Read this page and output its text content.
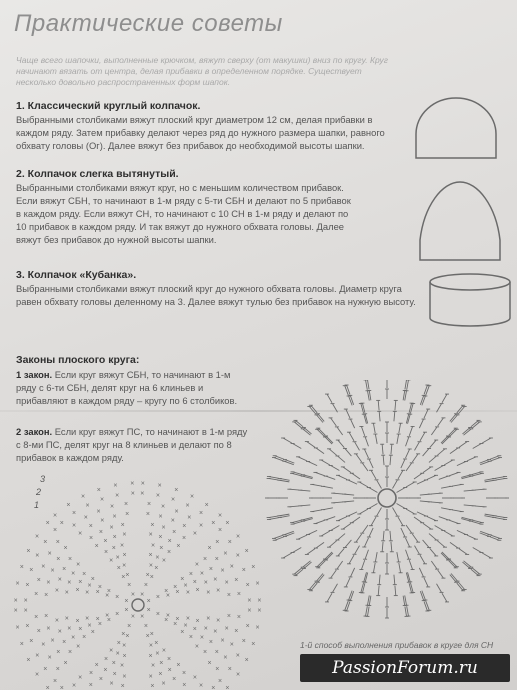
Практические советы
Чаще всего шапочки, выполненные крючком, вяжут сверху (от макушки) вниз по кругу. Круг начинают вязать от центра, делая прибавки в определенном порядке. Существует несколько довольно распространенных форм шапок.
1. Классический круглый колпачок.
Выбранными столбиками вяжут плоский круг диаметром 12 см, делая прибавки в каждом ряду. Затем прибавку делают через ряд до нужного размера шапки, равного обхвату головы (Ог). Далее вяжут без прибавок до необходимой высоты шапки.
2. Колпачок слегка вытянутый.
Выбранными столбиками вяжут круг, но с меньшим количеством прибавок. Если вяжут СБН, то начинают в 1-м ряду с 5-ти СБН и делают по 5 прибавок в каждом ряду. Если вяжут СН, то начинают с 10 СН в 1-м ряду и делают по 10 прибавок в каждом ряду. И так вяжут до нужного обхвата головы. Далее вяжут без прибавок до нужной высоты шапки.
3. Колпачок «Кубанка».
Выбранными столбиками вяжут плоский круг до нужного обхвата головы. Диаметр круга равен обхвату головы деленному на 3. Далее вяжут тулью без прибавок на нужную высоту.
Законы плоского круга:
1 закон. Если круг вяжут СБН, то начинают в 1-м ряду с 6-ти СБН, делят круг на 6 клиньев и прибавляют в каждом ряду – кругу по 6 столбиков.
2 закон. Если круг вяжут ПС, то начинают в 1-м ряду с 8-ми ПС, делят круг на 8 клиньев и делают по 8 прибавок в каждом ряду.
×
×
× ×
× ×
× × ×
× ×
×
× ×
×
×
× ×
×
×
× ×
×
×
×
× ×
×
×
×
× ×
×
×
×
×
× ×
×
×
×
×
×
×
×
×
×
×
×
×
×
×
×
×
×
×
×
×
×
×
×
×
×
×
×
×
×
×
×
×
×
×
×
×
×
×
×
×
×
×
×
×
×
×
×
× ×
× ×
×
×
×
×
×
×
×
×
×
×
×
×
×
×
×
×
×
×
×
×
×
×
×
×
×
×
×
×
×
×
×
×
×
×
×
×
×
×
×
×
×
×
×
×
×
× ×
×
×	×
×
×
×	×
×
×
×
×
× × ×
×
×
×
×
×
×
×
×
×
×
×
×
×
×
×
×
×
×
×
×
×
×
×
×
×
×
×
×
×
×
×
×
×
×
×
×
×
×
×
×
×
×
×
×
×
×
×
×
×
×
×
×
×
×
×
×
×
×
×
×
×
×
×
×
×
×
×
×
×
×
×
×
×
×
×
×
×
×
×
×
×
×
×
×
×
×
×
×
×
×
×
×
×
×
×
×
×
×
×
×
×
×
×
×
×
×
×
×
×
×
× ×
× ×
× × ×
×
× ×
×
×
× ×
×
×
× ×
×
×
×
× ×
×
×
×
× ×
×
×
×
×
× ×
×
×
×
×
× ×
1
2
3
1-й способ выполнения прибавок в круге для СН
PassionForum.ru
